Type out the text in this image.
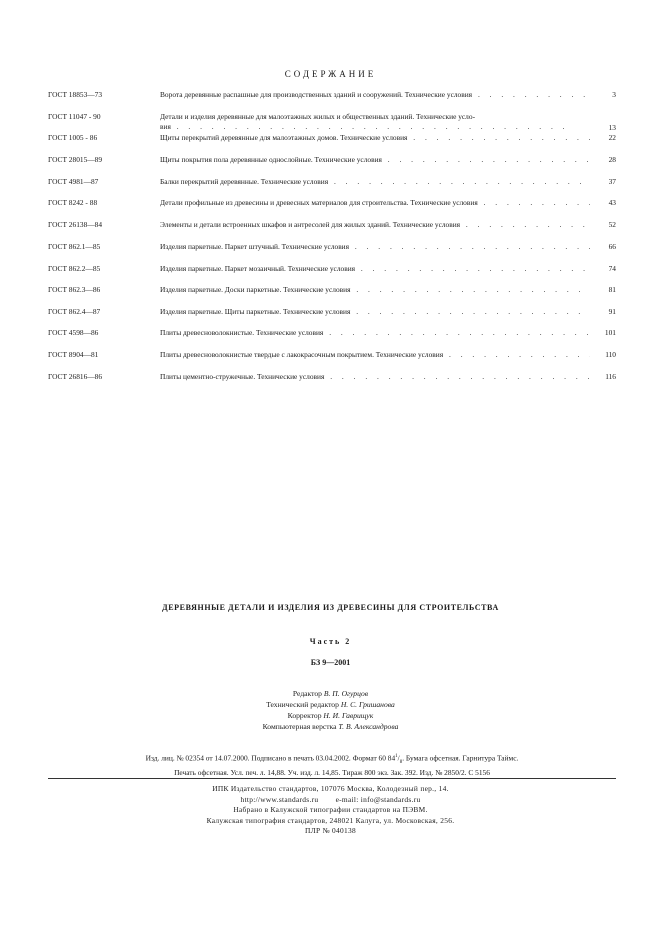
СОДЕРЖАНИЕ
ГОСТ 18853—73	Ворота деревянные распашные для производственных зданий и сооружений. Технические условия . . .	3
ГОСТ 11047 - 90	Детали и изделия деревянные для малоэтажных жилых и общественных зданий. Технические усло-
вия . . . . . . . . . . . . . . . . . . . . . . . . . . . . . . . . . .	13
ГОСТ 1005 - 86	Щиты перекрытий деревянные для малоэтажных домов. Технические условия . . .	22
ГОСТ 28015—89	Щиты покрытия пола деревянные однослойные. Технические условия . . .	28
ГОСТ 4981—87	Балки перекрытий деревянные. Технические условия . . .	37
ГОСТ 8242 - 88	Детали профильные из древесины и древесных материалов для строительства. Технические условия . . .	43
ГОСТ 26138—84	Элементы и детали встроенных шкафов и антресолей для жилых зданий. Технические условия . . .	52
ГОСТ 862.1—85	Изделия паркетные. Паркет штучный. Технические условия . . .	66
ГОСТ 862.2—85	Изделия паркетные. Паркет мозаичный. Технические условия . . .	74
ГОСТ 862.3—86	Изделия паркетные. Доски паркетные. Технические условия . . .	81
ГОСТ 862.4—87	Изделия паркетные. Щиты паркетные. Технические условия . . .	91
ГОСТ 4598—86	Плиты древесноволокнистые. Технические условия . . .	101
ГОСТ 8904—81	Плиты древесноволокнистые твердые с лакокрасочным покрытием. Технические условия . . .	110
ГОСТ 26816—86	Плиты цементно-стружечные. Технические условия . . .	116
ДЕРЕВЯННЫЕ ДЕТАЛИ И ИЗДЕЛИЯ ИЗ ДРЕВЕСИНЫ ДЛЯ СТРОИТЕЛЬСТВА
Часть 2
БЗ 9—2001
Редактор В. П. Огурцов
Технический редактор Н. С. Гришанова
Корректор Н. И. Гаврищук
Компьютерная верстка Т. В. Александрова
Изд. лиц. № 02354 от 14.07.2000. Подписано в печать 03.04.2002. Формат 60 $84^1/_8$. Бумага офсетная. Гарнитура Таймс.
Печать офсетная. Усл. печ. л. 14,88. Уч. изд. л. 14,85. Тираж 800 экз. Зак. 392. Изд. № 2850/2. С 5156
ИПК Издательство стандартов, 107076 Москва, Колодезный пер., 14.
http://www.standards.ru e-mail: info@standards.ru
Набрано в Калужской типографии стандартов на ПЭВМ.
Калужская типография стандартов, 248021 Калуга, ул. Московская, 256.
ПЛР № 040138
